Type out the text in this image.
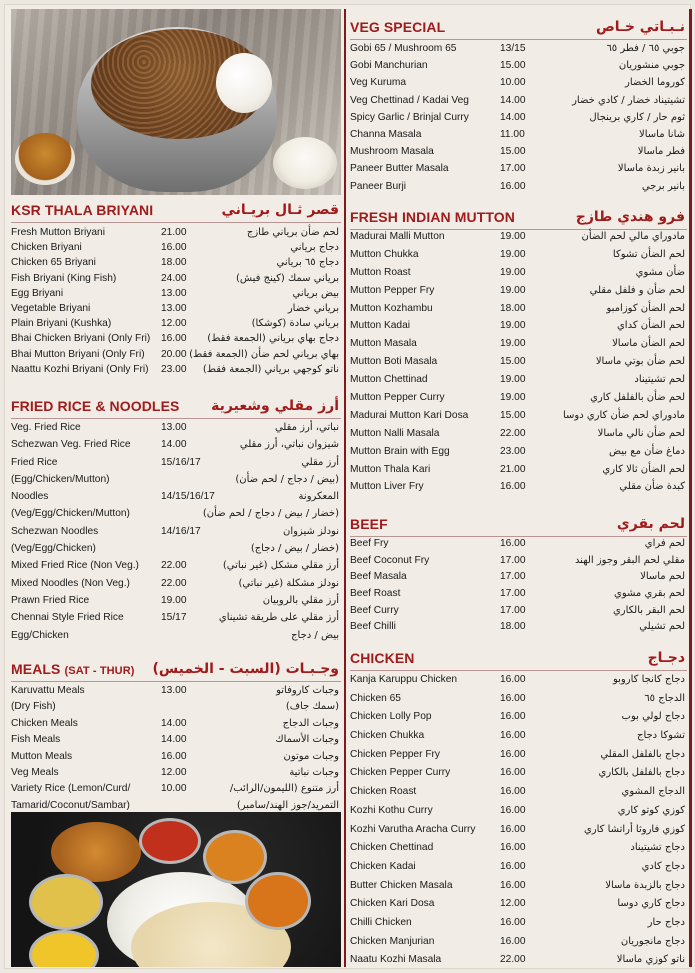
KSR THALA BRIYANI	قصر ثـال بريـاني
Fresh Mutton Briyani	21.00	لحم ضأن برياني طازج
Chicken Briyani	16.00	دجاج برياني
Chicken 65 Briyani	18.00	دجاج ٦٥ برياني
Fish Briyani (King Fish)	24.00	برياني سمك (كينج فيش)
Egg Briyani	13.00	بيض برياني
Vegetable Briyani	13.00	برياني خضار
Plain Briyani (Kushka)	12.00	برياني سادة (كوشكا)
Bhai Chicken Briyani (Only Fri) 16.00 دجاج بهاي برياني (الجمعة فقط)
Bhai Mutton Briyani (Only Fri) 20.00 بهاي برياني لحم ضأن (الجمعة فقط)
Naattu Kozhi Briyani (Only Fri) 23.00 ناتو كوجهي برياني (الجمعة فقط)
FRIED RICE & NOODLES أرز مقلي وشعيرية
Veg. Fried Rice	13.00	نباتي، أرز مقلي
Schezwan Veg. Fried Rice	14.00	شيزوان نباتي، أرز مقلي
Fried Rice	15/16/17	أرز مقلي
(Egg/Chicken/Mutton)	(بيض / دجاج / لحم ضأن)
Noodles	14/15/16/17	المعكرونة
(Veg/Egg/Chicken/Mutton)	(خضار / بيض / دجاج / لحم ضأن)
Schezwan Noodles	14/16/17	نودلز شيزوان
(Veg/Egg/Chicken)	(خضار / بيض / دجاج)
Mixed Fried Rice (Non Veg.) 22.00	أرز مقلي مشكل (غير نباتي)
Mixed Noodles (Non Veg.)	22.00	نودلز مشكلة (غير نباتي)
Prawn Fried Rice	19.00	أرز مقلي بالروبيان
Chennai Style Fried Rice	15/17	أرز مقلي على طريقة تشيناي
Egg/Chicken	بيض / دجاج
MEALS (SAT - THUR) وجـبـات (السبت - الخميس)
Karuvattu Meals	13.00	وجبات كاروفاتو
(Dry Fish)	(سمك جاف)
Chicken Meals	14.00	وجبات الدجاج
Fish Meals	14.00	وجبات الأسماك
Mutton Meals	16.00	وجبات موتون
Veg Meals	12.00	وجبات نباتية
Variety Rice (Lemon/Curd/	10.00	أرز متنوع (الليمون/الرائب/
Tamarid/Coconut/Sambar)	التمريد/جوز الهند/سامبر)
VEG SPECIAL	نـبـاتي خـاص
Gobi 65 / Mushroom 65	13/15	جوبي ٦٥ / فطر ٦٥
Gobi Manchurian	15.00	جوبي منشوريان
Veg Kuruma	10.00	كوروما الخضار
Veg Chettinad / Kadai Veg	14.00	تشيتيناد خضار / كادي خضار
Spicy Garlic / Brinjal Curry	14.00	ثوم حار / كاري برينجال
Channa Masala	11.00	شانا ماسالا
Mushroom Masala	15.00	فطر ماسالا
Paneer Butter Masala	17.00	بانير زبدة ماسالا
Paneer Burji	16.00	بانير برجي
FRESH INDIAN MUTTON	فرو هندي طازج
Madurai Malli Mutton	19.00	مادوراي مالي لحم الضأن
Mutton Chukka	19.00	لحم الضأن تشوكا
Mutton Roast	19.00	ضأن مشوي
Mutton Pepper Fry	19.00	لحم ضأن و فلفل مقلي
Mutton Kozhambu	18.00	لحم الضأن كوزامبو
Mutton Kadai	19.00	لحم الضأن كداي
Mutton Masala	19.00	لحم الضأن ماسالا
Mutton Boti Masala	15.00	لحم ضأن بوتي ماسالا
Mutton Chettinad	19.00	لحم تشيتيناد
Mutton Pepper Curry	19.00	لحم ضأن بالفلفل كاري
Madurai Mutton Kari Dosa	15.00	مادوراي لحم ضأن كاري دوسا
Mutton Nalli Masala	22.00	لحم ضأن نالي ماسالا
Mutton Brain with Egg	23.00	دماغ ضأن مع بيض
Mutton Thala Kari	21.00	لحم الضأن ثالا كاري
Mutton Liver Fry	16.00	كبدة ضأن مقلي
BEEF	لحم بقري
Beef Fry	16.00	لحم فراي
Beef Coconut Fry	17.00	مقلي لحم البقر وجوز الهند
Beef Masala	17.00	لحم ماسالا
Beef Roast	17.00	لحم بقري مشوي
Beef Curry	17.00	لحم البقر بالكاري
Beef Chilli	18.00	لحم تشيلي
CHICKEN	دجـاج
Kanja Karuppu Chicken	16.00	دجاج كانجا كاروبو
Chicken 65	16.00	الدجاج ٦٥
Chicken Lolly Pop	16.00	دجاج لولي بوب
Chicken Chukka	16.00	تشوكا دجاج
Chicken Pepper Fry	16.00	دجاج بالفلفل المقلي
Chicken Pepper Curry	16.00	دجاج بالفلفل بالكاري
Chicken Roast	16.00	الدجاج المشوي
Kozhi Kothu Curry	16.00	كوزي كوتو كاري
Kozhi Varutha Aracha Curry 16.00	كوزي فاروثا أراتشا كاري
Chicken Chettinad	16.00	دجاج تشيتيناد
Chicken Kadai	16.00	دجاج كادي
Butter Chicken Masala	16.00	دجاج بالزبدة ماسالا
Chicken Kari Dosa	12.00	دجاج كاري دوسا
Chilli Chicken	16.00	دجاج حار
Chicken Manjurian	16.00	دجاج مانجوريان
Naatu Kozhi Masala	22.00	ناتو كوزي ماسالا
